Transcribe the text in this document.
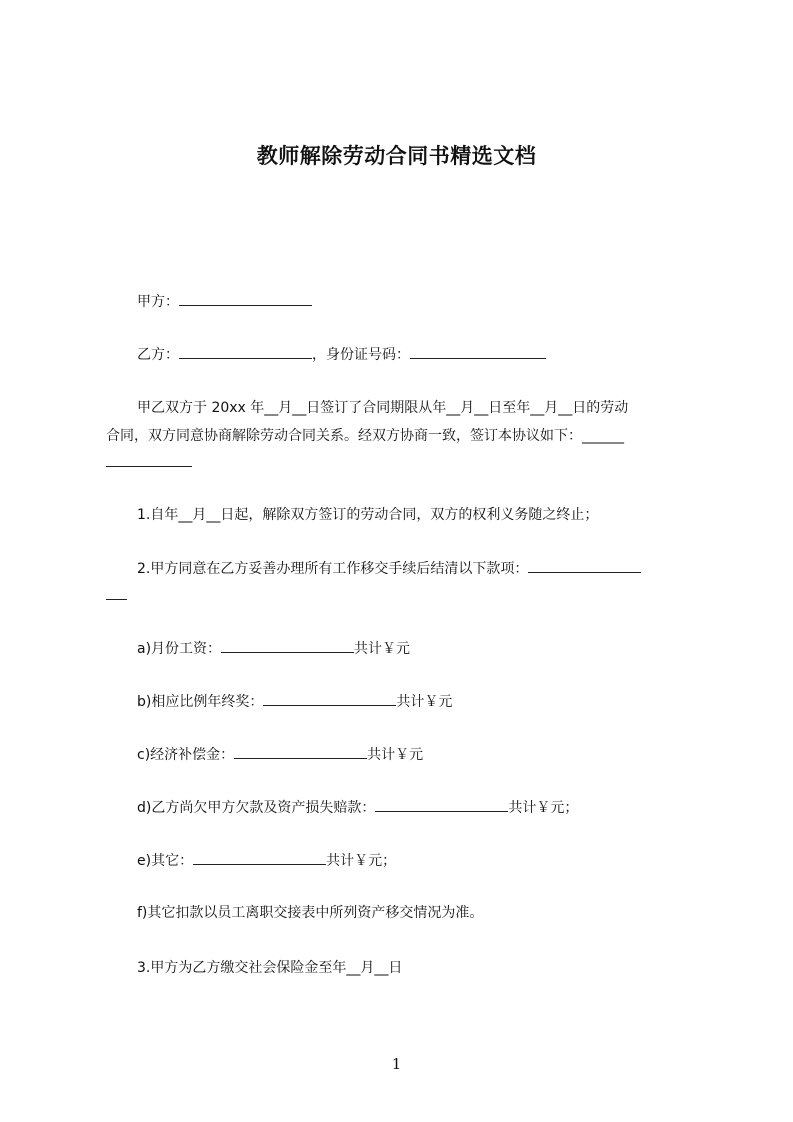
教师解除劳动合同书精选文档
甲方：
乙方：	，身份证号码：
甲乙双方于 20xx 年__月__日签订了合同期限从年__月__日至年__月__日的劳动
合同，双方同意协商解除劳动合同关系。经双方协商一致，签订本协议如下：______
1.自年__月__日起，解除双方签订的劳动合同，双方的权利义务随之终止；
2.甲方同意在乙方妥善办理所有工作移交手续后结清以下款项：
a)月份工资：	共计￥元
b)相应比例年终奖：	共计￥元
c)经济补偿金：	共计￥元
d)乙方尚欠甲方欠款及资产损失赔款：	共计￥元；
e)其它：	共计￥元；
f)其它扣款以员工离职交接表中所列资产移交情况为准。
3.甲方为乙方缴交社会保险金至年__月__日
1
